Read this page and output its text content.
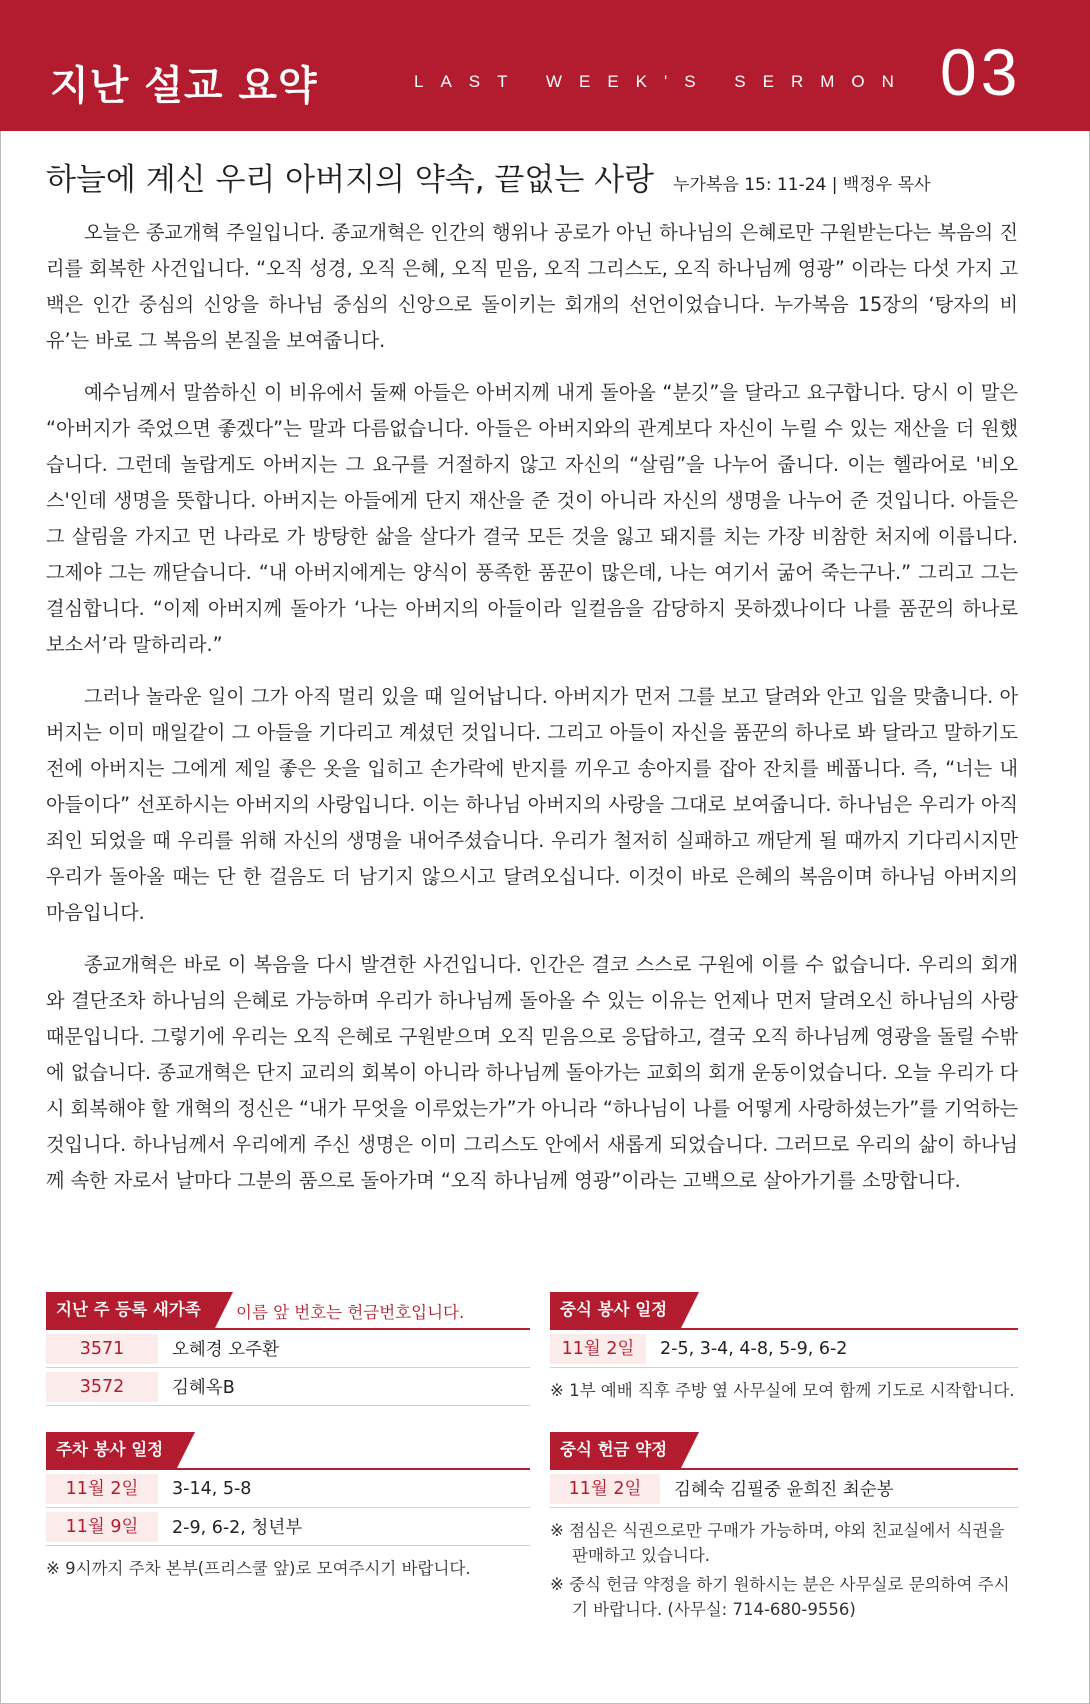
지난 설교 요약	LAST WEEK'S SERMON 03
하늘에 계신 우리 아버지의 약속, 끝없는 사랑 누가복음 15: 11-24 | 백정우 목사

오늘은 종교개혁 주일입니다. 종교개혁은 인간의 행위나 공로가 아닌 하나님의 은혜로만 구원받는다는 복음의 진리를 회복한 사건입니다. “오직 성경, 오직 은혜, 오직 믿음, 오직 그리스도, 오직 하나님께 영광” 이라는 다섯 가지 고백은 인간 중심의 신앙을 하나님 중심의 신앙으로 돌이키는 회개의 선언이었습니다. 누가복음 15장의 ‘탕자의 비유’는 바로 그 복음의 본질을 보여줍니다.

예수님께서 말씀하신 이 비유에서 둘째 아들은 아버지께 내게 돌아올 “분깃”을 달라고 요구합니다. 당시 이 말은 “아버지가 죽었으면 좋겠다”는 말과 다름없습니다. 아들은 아버지와의 관계보다 자신이 누릴 수 있는 재산을 더 원했습니다. 그런데 놀랍게도 아버지는 그 요구를 거절하지 않고 자신의 “살림”을 나누어 줍니다. 이는 헬라어로 '비오스'인데 생명을 뜻합니다. 아버지는 아들에게 단지 재산을 준 것이 아니라 자신의 생명을 나누어 준 것입니다. 아들은 그 살림을 가지고 먼 나라로 가 방탕한 삶을 살다가 결국 모든 것을 잃고 돼지를 치는 가장 비참한 처지에 이릅니다. 그제야 그는 깨닫습니다. “내 아버지에게는 양식이 풍족한 품꾼이 많은데, 나는 여기서 굶어 죽는구나.” 그리고 그는 결심합니다. “이제 아버지께 돌아가 ‘나는 아버지의 아들이라 일컬음을 감당하지 못하겠나이다 나를 품꾼의 하나로 보소서’라 말하리라.”

그러나 놀라운 일이 그가 아직 멀리 있을 때 일어납니다. 아버지가 먼저 그를 보고 달려와 안고 입을 맞춥니다. 아버지는 이미 매일같이 그 아들을 기다리고 계셨던 것입니다. 그리고 아들이 자신을 품꾼의 하나로 봐 달라고 말하기도 전에 아버지는 그에게 제일 좋은 옷을 입히고 손가락에 반지를 끼우고 송아지를 잡아 잔치를 베풉니다. 즉, “너는 내 아들이다” 선포하시는 아버지의 사랑입니다. 이는 하나님 아버지의 사랑을 그대로 보여줍니다. 하나님은 우리가 아직 죄인 되었을 때 우리를 위해 자신의 생명을 내어주셨습니다. 우리가 철저히 실패하고 깨닫게 될 때까지 기다리시지만 우리가 돌아올 때는 단 한 걸음도 더 남기지 않으시고 달려오십니다. 이것이 바로 은혜의 복음이며 하나님 아버지의 마음입니다.

종교개혁은 바로 이 복음을 다시 발견한 사건입니다. 인간은 결코 스스로 구원에 이를 수 없습니다. 우리의 회개와 결단조차 하나님의 은혜로 가능하며 우리가 하나님께 돌아올 수 있는 이유는 언제나 먼저 달려오신 하나님의 사랑 때문입니다. 그렇기에 우리는 오직 은혜로 구원받으며 오직 믿음으로 응답하고, 결국 오직 하나님께 영광을 돌릴 수밖에 없습니다. 종교개혁은 단지 교리의 회복이 아니라 하나님께 돌아가는 교회의 회개 운동이었습니다. 오늘 우리가 다시 회복해야 할 개혁의 정신은 “내가 무엇을 이루었는가”가 아니라 “하나님이 나를 어떻게 사랑하셨는가”를 기억하는 것입니다. 하나님께서 우리에게 주신 생명은 이미 그리스도 안에서 새롭게 되었습니다. 그러므로 우리의 삶이 하나님께 속한 자로서 날마다 그분의 품으로 돌아가며 “오직 하나님께 영광”이라는 고백으로 살아가기를 소망합니다.

지난 주 등록 새가족 이름 앞 번호는 헌금번호입니다.
3571	오혜경 오주환
3572	김혜옥B
주차 봉사 일정
11월 2일	3-14, 5-8
11월 9일	2-9, 6-2, 청년부
※ 9시까지 주차 본부(프리스쿨 앞)로 모여주시기 바랍니다.
중식 봉사 일정
11월 2일	2-5, 3-4, 4-8, 5-9, 6-2
※ 1부 예배 직후 주방 옆 사무실에 모여 함께 기도로 시작합니다.
중식 헌금 약정
11월 2일	김혜숙 김필중 윤희진 최순봉
※ 점심은 식권으로만 구매가 가능하며, 야외 친교실에서 식권을 판매하고 있습니다.
※ 중식 헌금 약정을 하기 원하시는 분은 사무실로 문의하여 주시기 바랍니다. (사무실: 714-680-9556)
